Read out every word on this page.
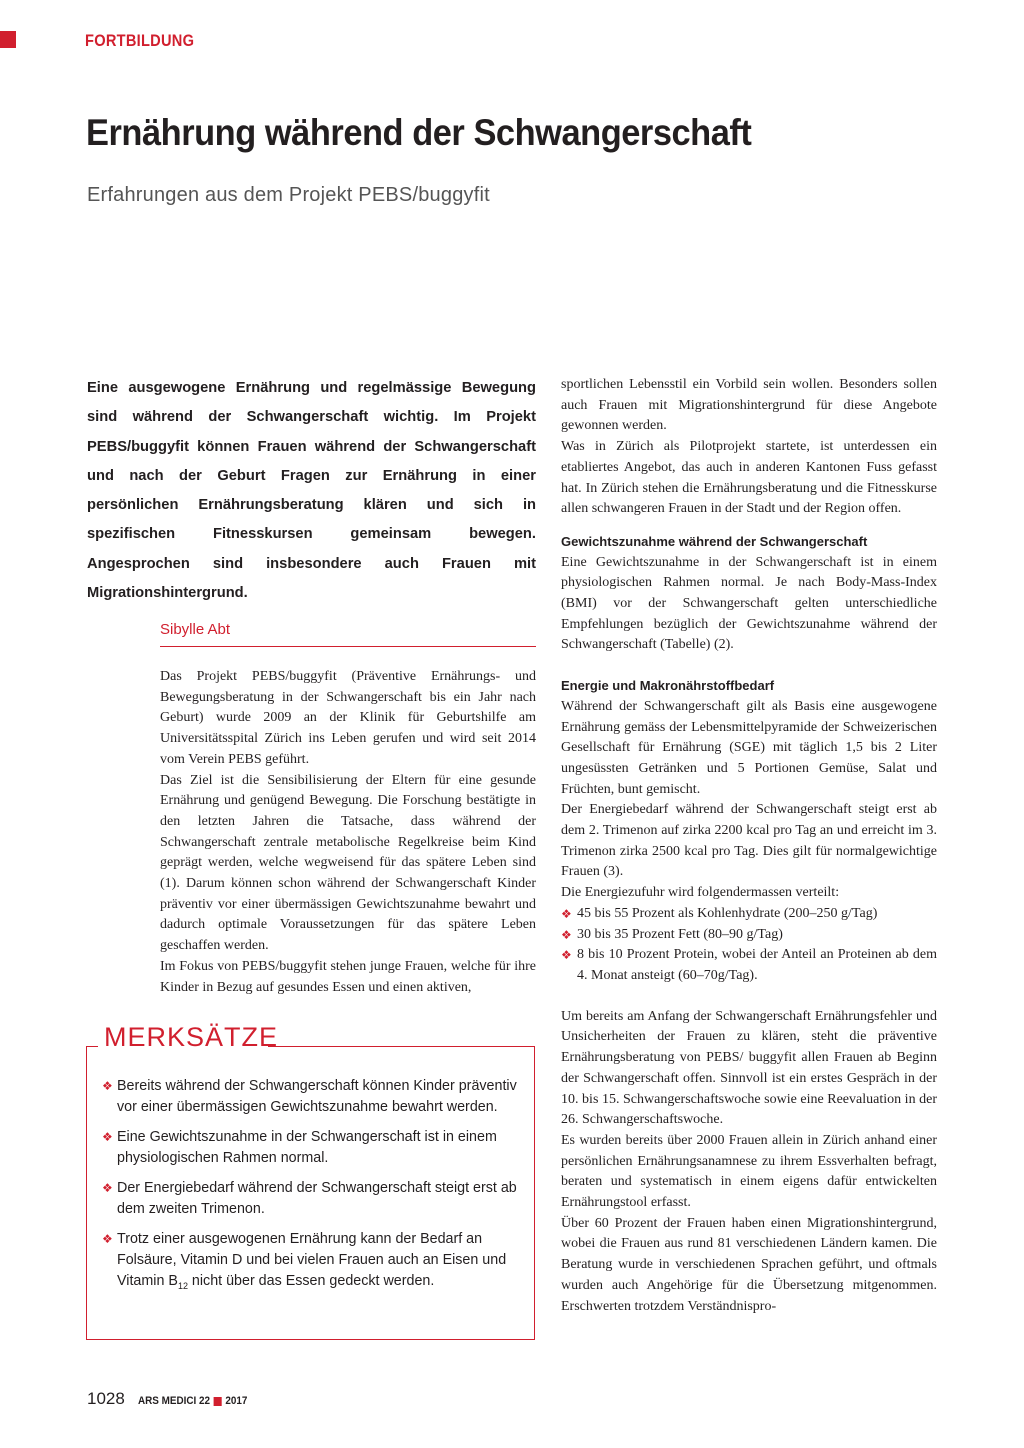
FORTBILDUNG
Ernährung während der Schwangerschaft
Erfahrungen aus dem Projekt PEBS/buggyfit

Eine ausgewogene Ernährung und regelmässige Bewegung sind während der Schwangerschaft wichtig. Im Projekt PEBS/buggyfit können Frauen während der Schwangerschaft und nach der Geburt Fragen zur Ernährung in einer persönlichen Ernährungsberatung klären und sich in spezifischen Fitnesskursen gemeinsam bewegen. Angesprochen sind insbesondere auch Frauen mit Migrationshintergrund.

Sibylle Abt

Das Projekt PEBS/buggyfit (Präventive Ernährungs- und Bewegungsberatung in der Schwangerschaft bis ein Jahr nach Geburt) wurde 2009 an der Klinik für Geburtshilfe am Universitätsspital Zürich ins Leben gerufen und wird seit 2014 vom Verein PEBS geführt.

Das Ziel ist die Sensibilisierung der Eltern für eine gesunde Ernährung und genügend Bewegung. Die Forschung bestätigte in den letzten Jahren die Tatsache, dass während der Schwangerschaft zentrale metabolische Regelkreise beim Kind geprägt werden, welche wegweisend für das spätere Leben sind (1). Darum können schon während der Schwangerschaft Kinder präventiv vor einer übermässigen Gewichtszunahme bewahrt und dadurch optimale Voraussetzungen für das spätere Leben geschaffen werden.

Im Fokus von PEBS/buggyfit stehen junge Frauen, welche für ihre Kinder in Bezug auf gesundes Essen und einen aktiven,

sportlichen Lebensstil ein Vorbild sein wollen. Besonders sollen auch Frauen mit Migrationshintergrund für diese Angebote gewonnen werden.

Was in Zürich als Pilotprojekt startete, ist unterdessen ein etabliertes Angebot, das auch in anderen Kantonen Fuss gefasst hat. In Zürich stehen die Ernährungsberatung und die Fitnesskurse allen schwangeren Frauen in der Stadt und der Region offen.

Gewichtszunahme während der Schwangerschaft

Eine Gewichtszunahme in der Schwangerschaft ist in einem physiologischen Rahmen normal. Je nach Body-Mass-Index (BMI) vor der Schwangerschaft gelten unterschiedliche Empfehlungen bezüglich der Gewichtszunahme während der Schwangerschaft (Tabelle) (2).

Energie und Makronährstoffbedarf

Während der Schwangerschaft gilt als Basis eine ausgewogene Ernährung gemäss der Lebensmittelpyramide der Schweizerischen Gesellschaft für Ernährung (SGE) mit täglich 1,5 bis 2 Liter ungesüssten Getränken und 5 Portionen Gemüse, Salat und Früchten, bunt gemischt.

Der Energiebedarf während der Schwangerschaft steigt erst ab dem 2. Trimenon auf zirka 2200 kcal pro Tag an und erreicht im 3. Trimenon zirka 2500 kcal pro Tag. Dies gilt für normalgewichtige Frauen (3).

Die Energiezufuhr wird folgendermassen verteilt:

❖ 45 bis 55 Prozent als Kohlenhydrate (200–250 g/Tag)
❖ 30 bis 35 Prozent Fett (80–90 g/Tag)
❖ 8 bis 10 Prozent Protein, wobei der Anteil an Proteinen ab dem 4. Monat ansteigt (60–70g/Tag).

Um bereits am Anfang der Schwangerschaft Ernährungsfehler und Unsicherheiten der Frauen zu klären, steht die präventive Ernährungsberatung von PEBS/ buggyfit allen Frauen ab Beginn der Schwangerschaft offen. Sinnvoll ist ein erstes Gespräch in der 10. bis 15. Schwangerschaftswoche sowie eine Reevaluation in der 26. Schwangerschaftswoche.

Es wurden bereits über 2000 Frauen allein in Zürich anhand einer persönlichen Ernährungsanamnese zu ihrem Essverhalten befragt, beraten und systematisch in einem eigens dafür entwickelten Ernährungstool erfasst.

Über 60 Prozent der Frauen haben einen Migrationshintergrund, wobei die Frauen aus rund 81 verschiedenen Ländern kamen. Die Beratung wurde in verschiedenen Sprachen geführt, und oftmals wurden auch Angehörige für die Übersetzung mitgenommen. Erschwerten trotzdem Verständnispro-

MERKSÄTZE
❖ Bereits während der Schwangerschaft können Kinder präventiv vor einer übermässigen Gewichtszunahme bewahrt werden.
❖ Eine Gewichtszunahme in der Schwangerschaft ist in einem physiologischen Rahmen normal.
❖ Der Energiebedarf während der Schwangerschaft steigt erst ab dem zweiten Trimenon.
❖ Trotz einer ausgewogenen Ernährung kann der Bedarf an Folsäure, Vitamin D und bei vielen Frauen auch an Eisen und Vitamin $B_{12}$ nicht über das Essen gedeckt werden.
1028 ARS MEDICI 22 2017
